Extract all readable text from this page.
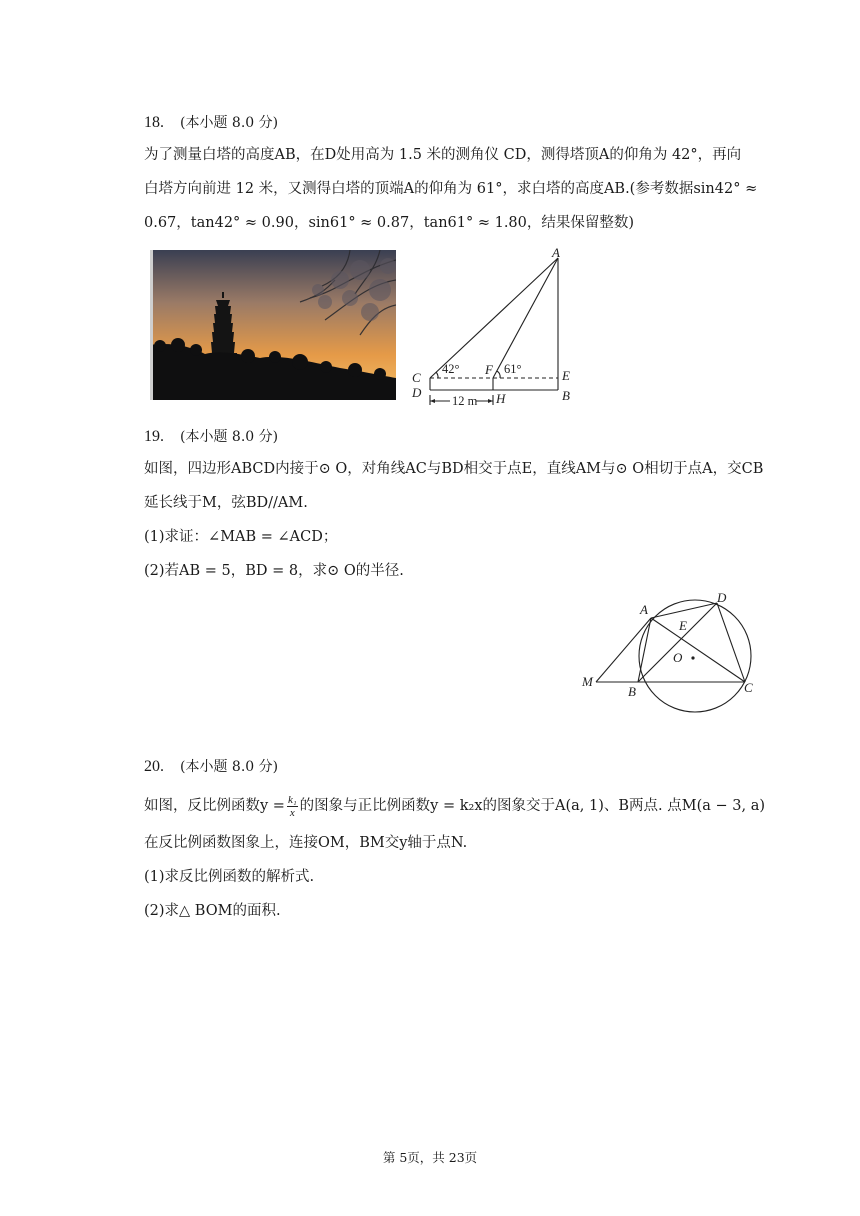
18. (本小题 8.0 分)
为了测量白塔的高度AB，在D处用高为 1.5 米的测角仪 CD，测得塔顶A的仰角为 42°，再向
白塔方向前进 12 米，又测得白塔的顶端A的仰角为 61°，求白塔的高度AB.(参考数据sin42° ≈
0.67，tan42° ≈ 0.90，sin61° ≈ 0.87，tan61° ≈ 1.80，结果保留整数)
A
C
D
F	E
H	B
42°	61°
12 m
19. (本小题 8.0 分)
如图，四边形ABCD内接于⊙ O，对角线AC与BD相交于点E，直线AM与⊙ O相切于点A，交CB
延长线于M，弦BD//AM.
(1)求证：∠MAB = ∠ACD；
(2)若AB = 5，BD = 8，求⊙ O的半径.
A
D
E
O
M
B	C
20. (本小题 8.0 分)
如图，反比例函数$y = \frac{\text{k₁}}{x}$ 的图象与正比例函数y = k₂x的图象交于A(a, 1)、B两点. 点M(a − 3, a)
在反比例函数图象上，连接OM，BM交y轴于点N.
(1)求反比例函数的解析式.
(2)求△ BOM的面积.
第 5页，共 23页
